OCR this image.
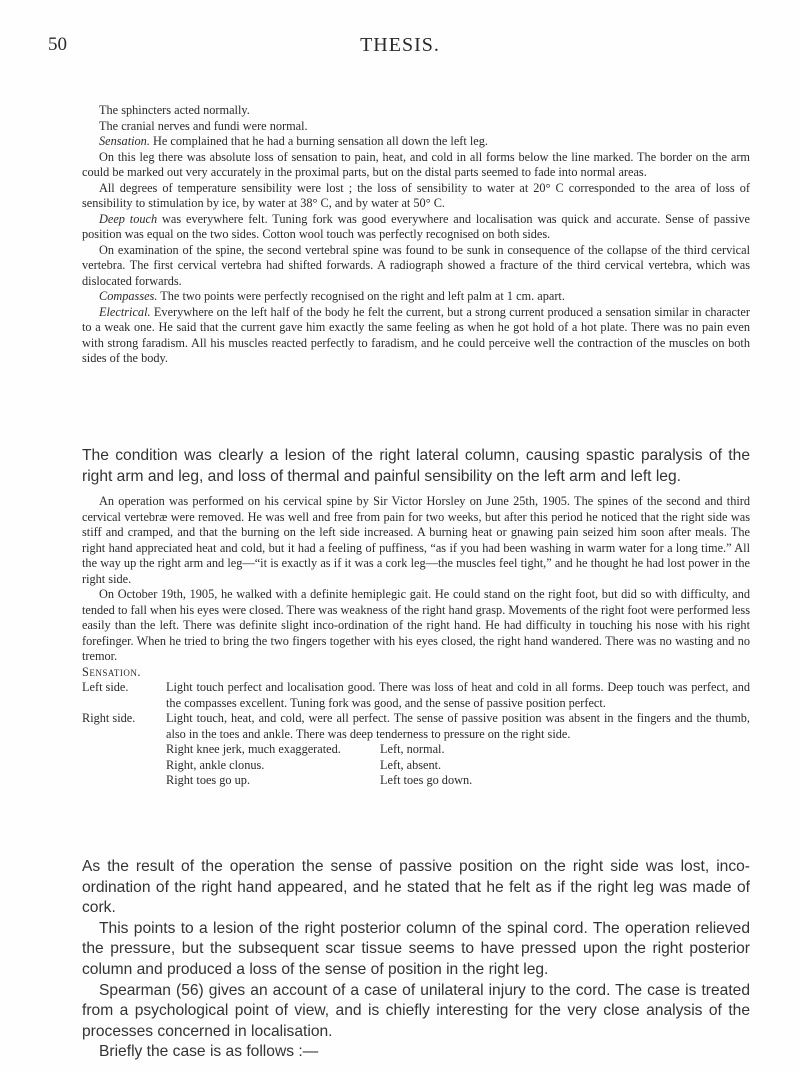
50	THESIS.

The sphincters acted normally.

The cranial nerves and fundi were normal.

Sensation. He complained that he had a burning sensation all down the left leg.

On this leg there was absolute loss of sensation to pain, heat, and cold in all forms below the line marked. The border on the arm could be marked out very accurately in the proximal parts, but on the distal parts seemed to fade into normal areas.

All degrees of temperature sensibility were lost ; the loss of sensibility to water at 20° C corresponded to the area of loss of sensibility to stimulation by ice, by water at 38° C, and by water at 50° C.

Deep touch was everywhere felt. Tuning fork was good everywhere and localisation was quick and accurate. Sense of passive position was equal on the two sides. Cotton wool touch was perfectly recognised on both sides.

On examination of the spine, the second vertebral spine was found to be sunk in consequence of the collapse of the third cervical vertebra. The first cervical vertebra had shifted forwards. A radiograph showed a fracture of the third cervical vertebra, which was dislocated forwards.

Compasses. The two points were perfectly recognised on the right and left palm at 1 cm. apart.

Electrical. Everywhere on the left half of the body he felt the current, but a strong current produced a sensation similar in character to a weak one. He said that the current gave him exactly the same feeling as when he got hold of a hot plate. There was no pain even with strong faradism. All his muscles reacted perfectly to faradism, and he could perceive well the contraction of the muscles on both sides of the body.

The condition was clearly a lesion of the right lateral column, causing spastic paralysis of the right arm and leg, and loss of thermal and painful sensibility on the left arm and left leg.

An operation was performed on his cervical spine by Sir Victor Horsley on June 25th, 1905. The spines of the second and third cervical vertebræ were removed. He was well and free from pain for two weeks, but after this period he noticed that the right side was stiff and cramped, and that the burning on the left side increased. A burning heat or gnawing pain seized him soon after meals. The right hand appreciated heat and cold, but it had a feeling of puffiness, “as if you had been washing in warm water for a long time.” All the way up the right arm and leg—“it is exactly as if it was a cork leg—the muscles feel tight,” and he thought he had lost power in the right side.

On October 19th, 1905, he walked with a definite hemiplegic gait. He could stand on the right foot, but did so with difficulty, and tended to fall when his eyes were closed. There was weakness of the right hand grasp. Movements of the right foot were performed less easily than the left. There was definite slight inco-ordination of the right hand. He had difficulty in touching his nose with his right forefinger. When he tried to bring the two fingers together with his eyes closed, the right hand wandered. There was no wasting and no tremor.

Sensation.

Left side.	Light touch perfect and localisation good. There was loss of heat and cold in all forms. Deep touch was perfect, and the compasses excellent. Tuning fork was good, and the sense of passive position perfect.
Right side.	Light touch, heat, and cold, were all perfect. The sense of passive position was absent in the fingers and the thumb, also in the toes and ankle. There was deep tenderness to pressure on the right side.
Right knee jerk, much exaggerated.	Left, normal.
Right, ankle clonus.	Left, absent.
Right toes go up.	Left toes go down.

As the result of the operation the sense of passive position on the right side was lost, inco-ordination of the right hand appeared, and he stated that he felt as if the right leg was made of cork.

This points to a lesion of the right posterior column of the spinal cord. The operation relieved the pressure, but the subsequent scar tissue seems to have pressed upon the right posterior column and produced a loss of the sense of position in the right leg.

Spearman (56) gives an account of a case of unilateral injury to the cord. The case is treated from a psychological point of view, and is chiefly interesting for the very close analysis of the processes concerned in localisation.

Briefly the case is as follows :—
